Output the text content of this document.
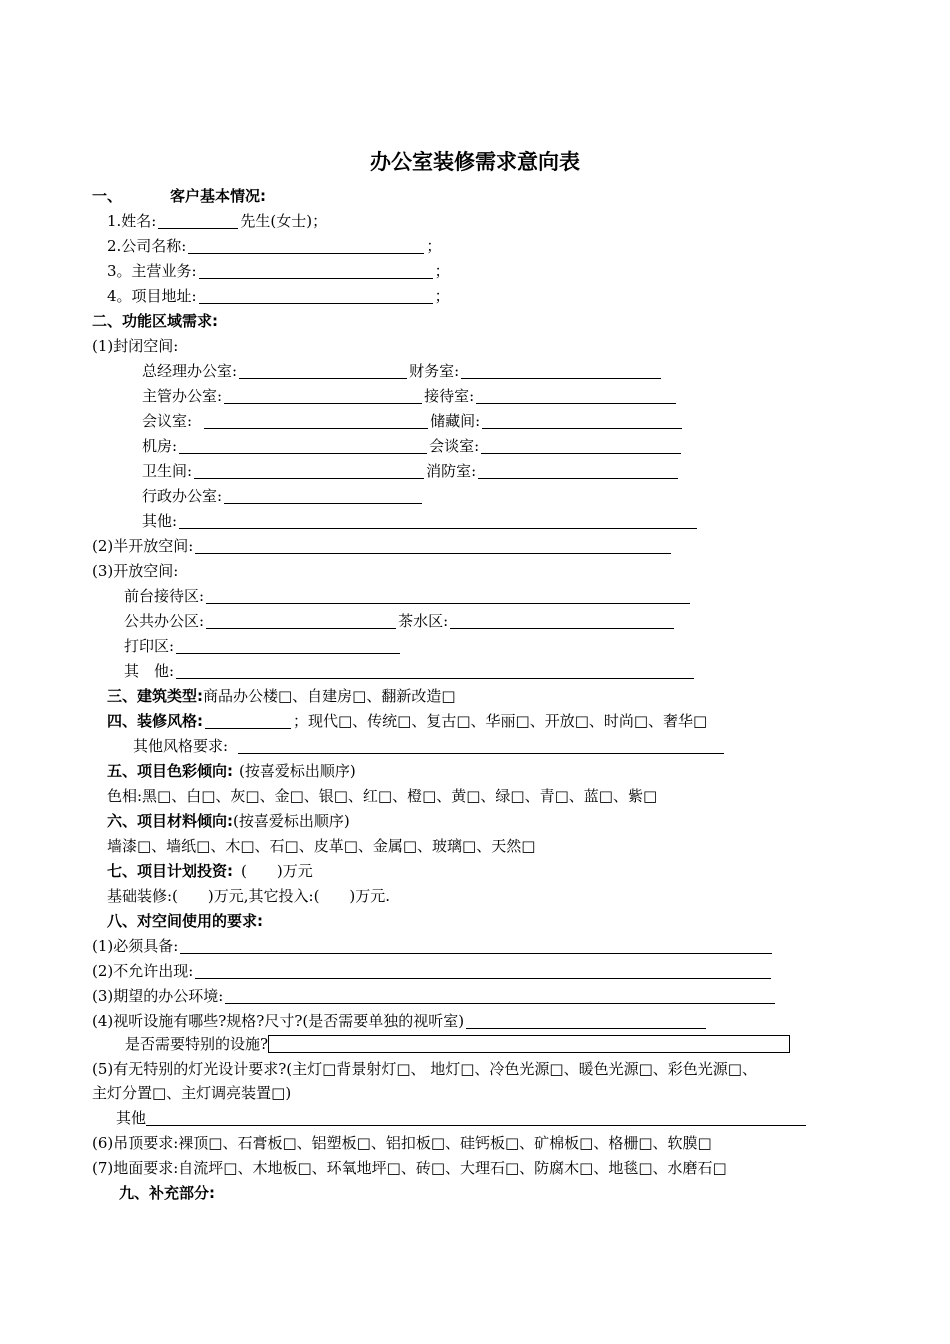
办公室装修需求意向表
一、	客户基本情况:
1.姓名:	先生(女士)；
2.公司名称:	；
3。主营业务:	；
4。项目地址:	；
二、功能区域需求:
(1)封闭空间:
总经理办公室:	财务室:
主管办公室:	接待室:
会议室:	储藏间:
机房:	会谈室:
卫生间:	消防室:
行政办公室:
其他:
(2)半开放空间:
(3)开放空间:
前台接待区:
公共办公区:	茶水区:
打印区:
其　他:
三、建筑类型:商品办公楼□、自建房□、翻新改造□
四、装修风格:	；现代□、传统□、复古□、华丽□、开放□、时尚□、奢华□
其他风格要求:
五、项目色彩倾向: (按喜爱标出顺序)
色相:黑□、白□、灰□、金□、银□、红□、橙□、黄□、绿□、青□、蓝□、紫□
六、项目材料倾向:(按喜爱标出顺序)
墙漆□、墙纸□、木□、石□、皮革□、金属□、玻璃□、天然□
七、项目计划投资: (　　)万元
基础装修:(　　)万元,其它投入:(　　)万元.
八、对空间使用的要求:
(1)必须具备:
(2)不允许出现:
(3)期望的办公环境:
(4)视听设施有哪些?规格?尺寸?(是否需要单独的视听室)
是否需要特别的设施?
(5)有无特别的灯光设计要求?(主灯□背景射灯□、 地灯□、冷色光源□、暖色光源□、彩色光源□、
主灯分置□、主灯调亮装置□)
其他
(6)吊顶要求:裸顶□、石膏板□、铝塑板□、铝扣板□、硅钙板□、矿棉板□、格栅□、软膜□
(7)地面要求:自流坪□、木地板□、环氧地坪□、砖□、大理石□、防腐木□、地毯□、水磨石□
九、补充部分:
